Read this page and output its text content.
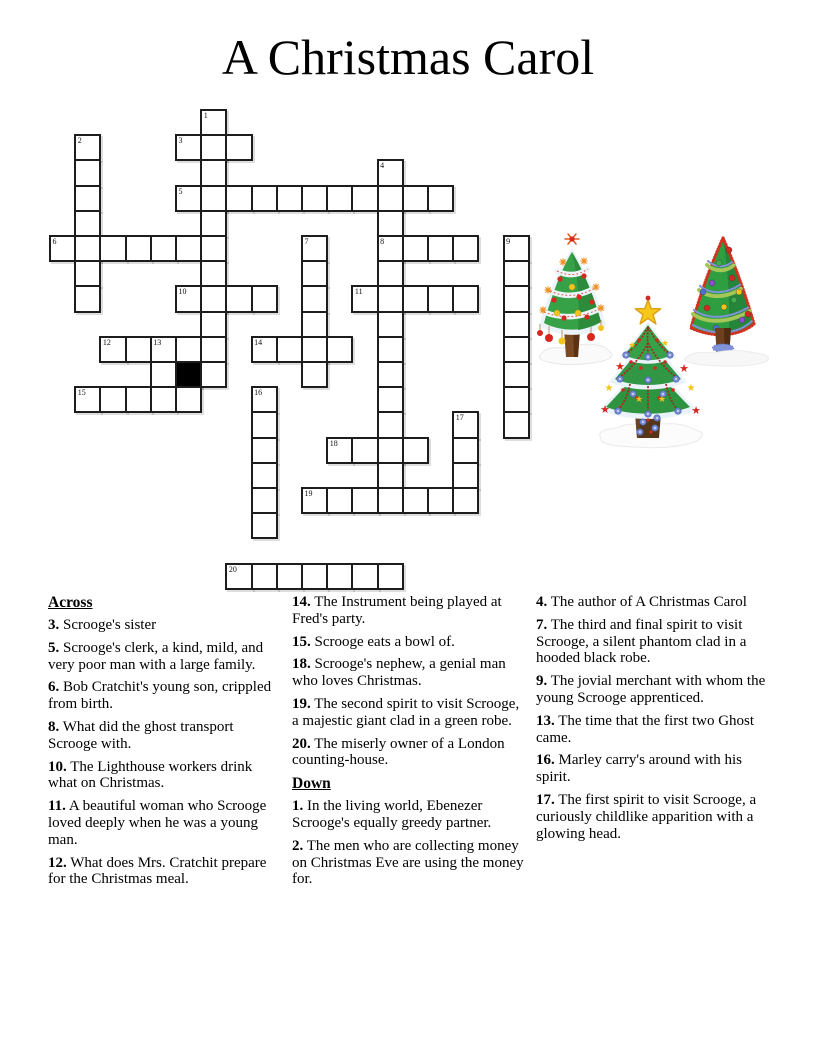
A Christmas Carol
1
2	3
4
5
6	7	8	9
10	11
12	13	14
15	16
17
18
19
20
★	★
★	★
★	★
★ ★
★	★
Across

3. Scrooge's sister

5. Scrooge's clerk, a kind, mild, and very poor man with a large family.

6. Bob Cratchit's young son, crippled from birth.

8. What did the ghost transport Scrooge with.

10. The Lighthouse workers drink what on Christmas.

11. A beautiful woman who Scrooge loved deeply when he was a young man.

12. What does Mrs. Cratchit prepare for the Christmas meal.

14. The Instrument being played at Fred's party.

15. Scrooge eats a bowl of.

18. Scrooge's nephew, a genial man who loves Christmas.

19. The second spirit to visit Scrooge, a majestic giant clad in a green robe.

20. The miserly owner of a London counting-house.

Down

1. In the living world, Ebenezer Scrooge's equally greedy partner.

2. The men who are collecting money on Christmas Eve are using the money for.

4. The author of A Christmas Carol

7. The third and final spirit to visit Scrooge, a silent phantom clad in a hooded black robe.

9. The jovial merchant with whom the young Scrooge apprenticed.

13. The time that the first two Ghost came.

16. Marley carry's around with his spirit.

17. The first spirit to visit Scrooge, a curiously childlike apparition with a glowing head.
